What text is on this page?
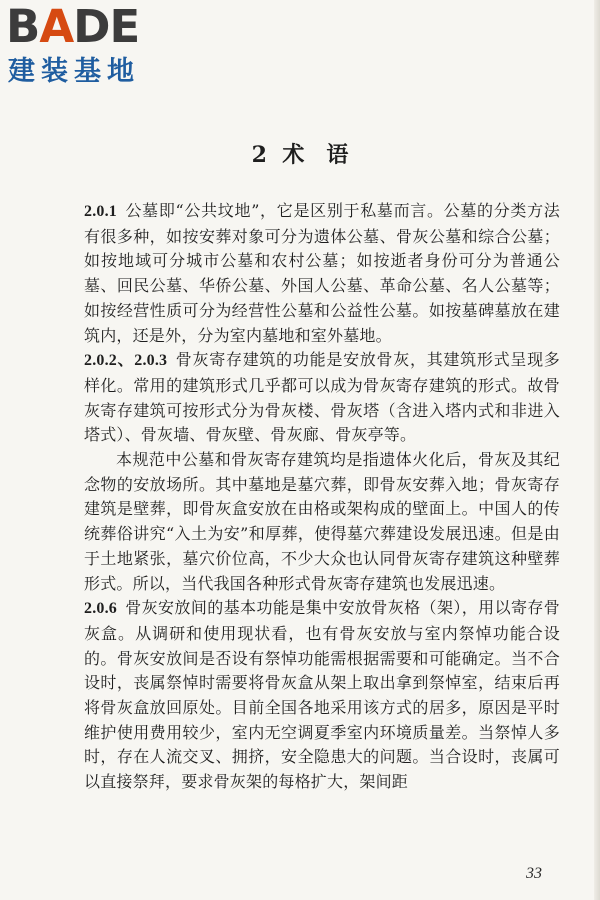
BADE
建装基地
2 术　语

2.0.1 公墓即“公共坟地”，它是区别于私墓而言。公墓的分类方法有很多种，如按安葬对象可分为遗体公墓、骨灰公墓和综合公墓；如按地域可分城市公墓和农村公墓；如按逝者身份可分为普通公墓、回民公墓、华侨公墓、外国人公墓、革命公墓、名人公墓等；如按经营性质可分为经营性公墓和公益性公墓。如按墓碑墓放在建筑内，还是外，分为室内墓地和室外墓地。

2.0.2、2.0.3 骨灰寄存建筑的功能是安放骨灰，其建筑形式呈现多样化。常用的建筑形式几乎都可以成为骨灰寄存建筑的形式。故骨灰寄存建筑可按形式分为骨灰楼、骨灰塔（含进入塔内式和非进入塔式）、骨灰墙、骨灰壁、骨灰廊、骨灰亭等。

本规范中公墓和骨灰寄存建筑均是指遗体火化后，骨灰及其纪念物的安放场所。其中墓地是墓穴葬，即骨灰安葬入地；骨灰寄存建筑是壁葬，即骨灰盒安放在由格或架构成的壁面上。中国人的传统葬俗讲究“入土为安”和厚葬，使得墓穴葬建设发展迅速。但是由于土地紧张，墓穴价位高，不少大众也认同骨灰寄存建筑这种壁葬形式。所以，当代我国各种形式骨灰寄存建筑也发展迅速。

2.0.6 骨灰安放间的基本功能是集中安放骨灰格（架），用以寄存骨灰盒。从调研和使用现状看，也有骨灰安放与室内祭悼功能合设的。骨灰安放间是否设有祭悼功能需根据需要和可能确定。当不合设时，丧属祭悼时需要将骨灰盒从架上取出拿到祭悼室，结束后再将骨灰盒放回原处。目前全国各地采用该方式的居多，原因是平时维护使用费用较少，室内无空调夏季室内环境质量差。当祭悼人多时，存在人流交叉、拥挤，安全隐患大的问题。当合设时，丧属可以直接祭拜，要求骨灰架的每格扩大，架间距

33
